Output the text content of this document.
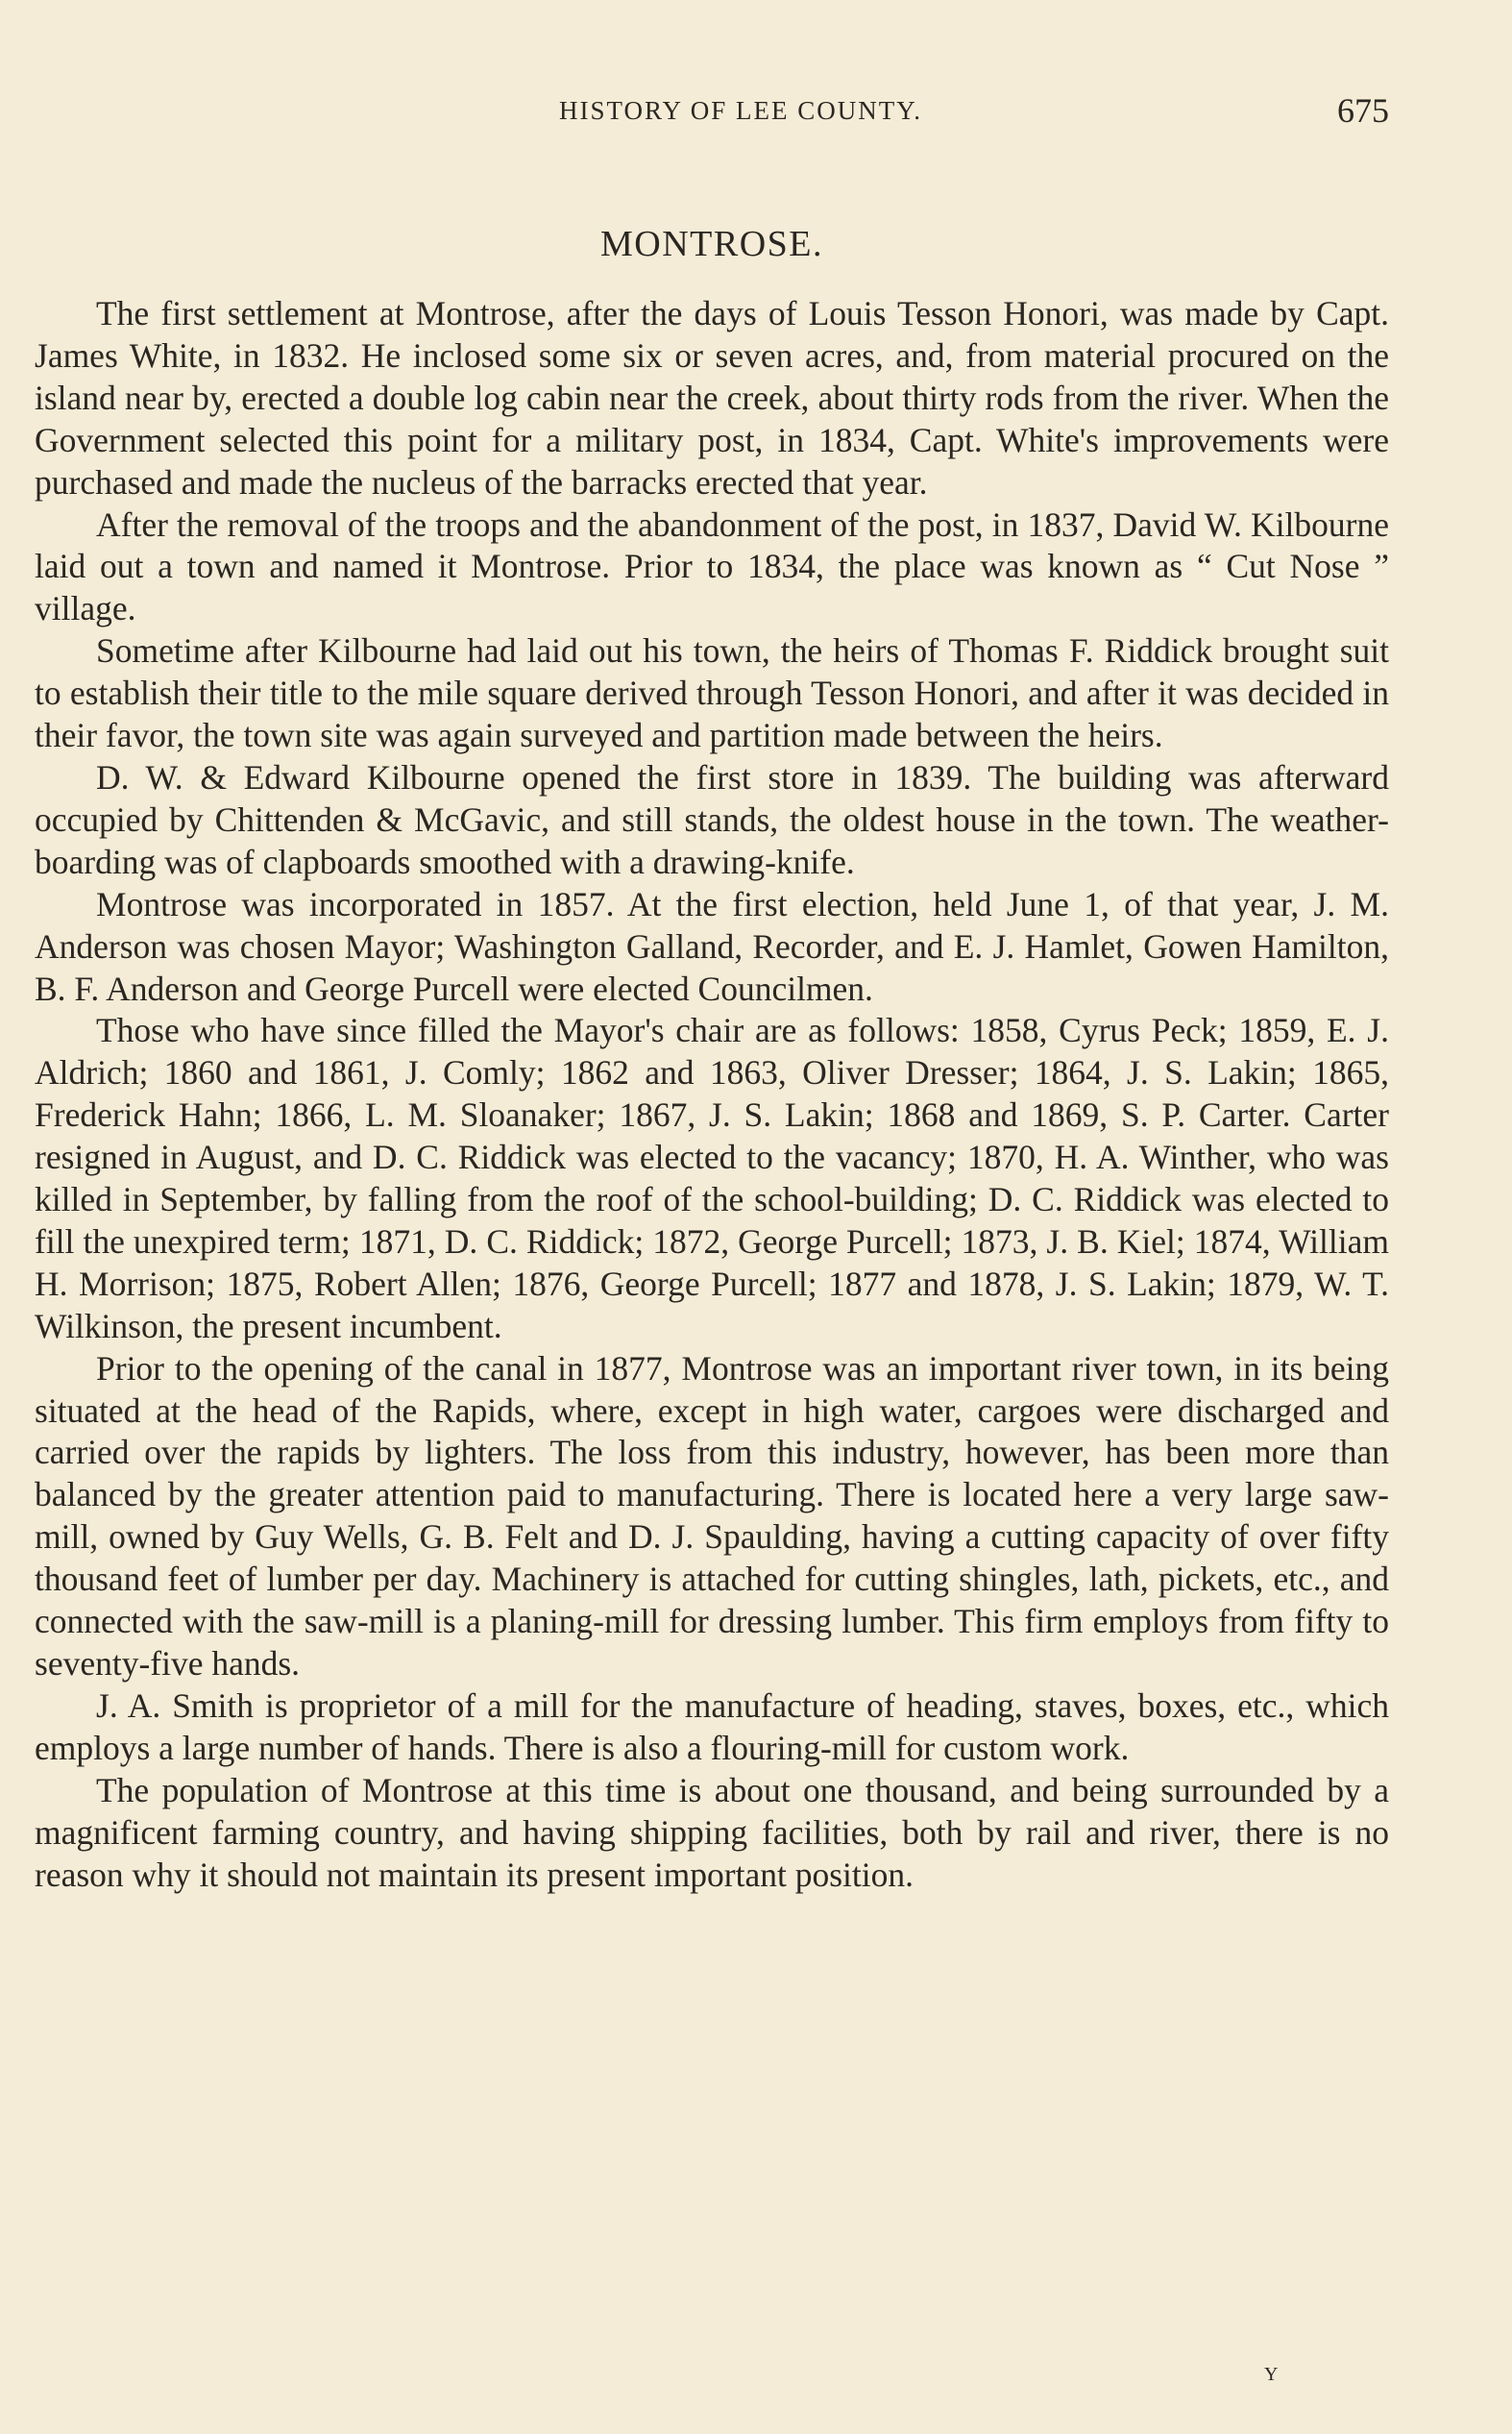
HISTORY OF LEE COUNTY.	675
MONTROSE.

The first settlement at Montrose, after the days of Louis Tesson Honori, was made by Capt. James White, in 1832. He inclosed some six or seven acres, and, from material procured on the island near by, erected a double log cabin near the creek, about thirty rods from the river. When the Government selected this point for a military post, in 1834, Capt. White's improvements were purchased and made the nucleus of the barracks erected that year.

After the removal of the troops and the abandonment of the post, in 1837, David W. Kilbourne laid out a town and named it Montrose. Prior to 1834, the place was known as “ Cut Nose ” village.

Sometime after Kilbourne had laid out his town, the heirs of Thomas F. Riddick brought suit to establish their title to the mile square derived through Tesson Honori, and after it was decided in their favor, the town site was again surveyed and partition made between the heirs.

D. W. & Edward Kilbourne opened the first store in 1839. The building was afterward occupied by Chittenden & McGavic, and still stands, the oldest house in the town. The weather-boarding was of clapboards smoothed with a drawing-knife.

Montrose was incorporated in 1857. At the first election, held June 1, of that year, J. M. Anderson was chosen Mayor; Washington Galland, Recorder, and E. J. Hamlet, Gowen Hamilton, B. F. Anderson and George Purcell were elected Councilmen.

Those who have since filled the Mayor's chair are as follows: 1858, Cyrus Peck; 1859, E. J. Aldrich; 1860 and 1861, J. Comly; 1862 and 1863, Oliver Dresser; 1864, J. S. Lakin; 1865, Frederick Hahn; 1866, L. M. Sloanaker; 1867, J. S. Lakin; 1868 and 1869, S. P. Carter. Carter resigned in August, and D. C. Riddick was elected to the vacancy; 1870, H. A. Winther, who was killed in September, by falling from the roof of the school-building; D. C. Riddick was elected to fill the unexpired term; 1871, D. C. Riddick; 1872, George Purcell; 1873, J. B. Kiel; 1874, William H. Morrison; 1875, Robert Allen; 1876, George Purcell; 1877 and 1878, J. S. Lakin; 1879, W. T. Wilkinson, the present incumbent.

Prior to the opening of the canal in 1877, Montrose was an important river town, in its being situated at the head of the Rapids, where, except in high water, cargoes were discharged and carried over the rapids by lighters. The loss from this industry, however, has been more than balanced by the greater attention paid to manufacturing. There is located here a very large saw-mill, owned by Guy Wells, G. B. Felt and D. J. Spaulding, having a cutting capacity of over fifty thousand feet of lumber per day. Machinery is attached for cutting shingles, lath, pickets, etc., and connected with the saw-mill is a planing-mill for dressing lumber. This firm employs from fifty to seventy-five hands.

J. A. Smith is proprietor of a mill for the manufacture of heading, staves, boxes, etc., which employs a large number of hands. There is also a flouring-mill for custom work.

The population of Montrose at this time is about one thousand, and being surrounded by a magnificent farming country, and having shipping facilities, both by rail and river, there is no reason why it should not maintain its present important position.

Y
